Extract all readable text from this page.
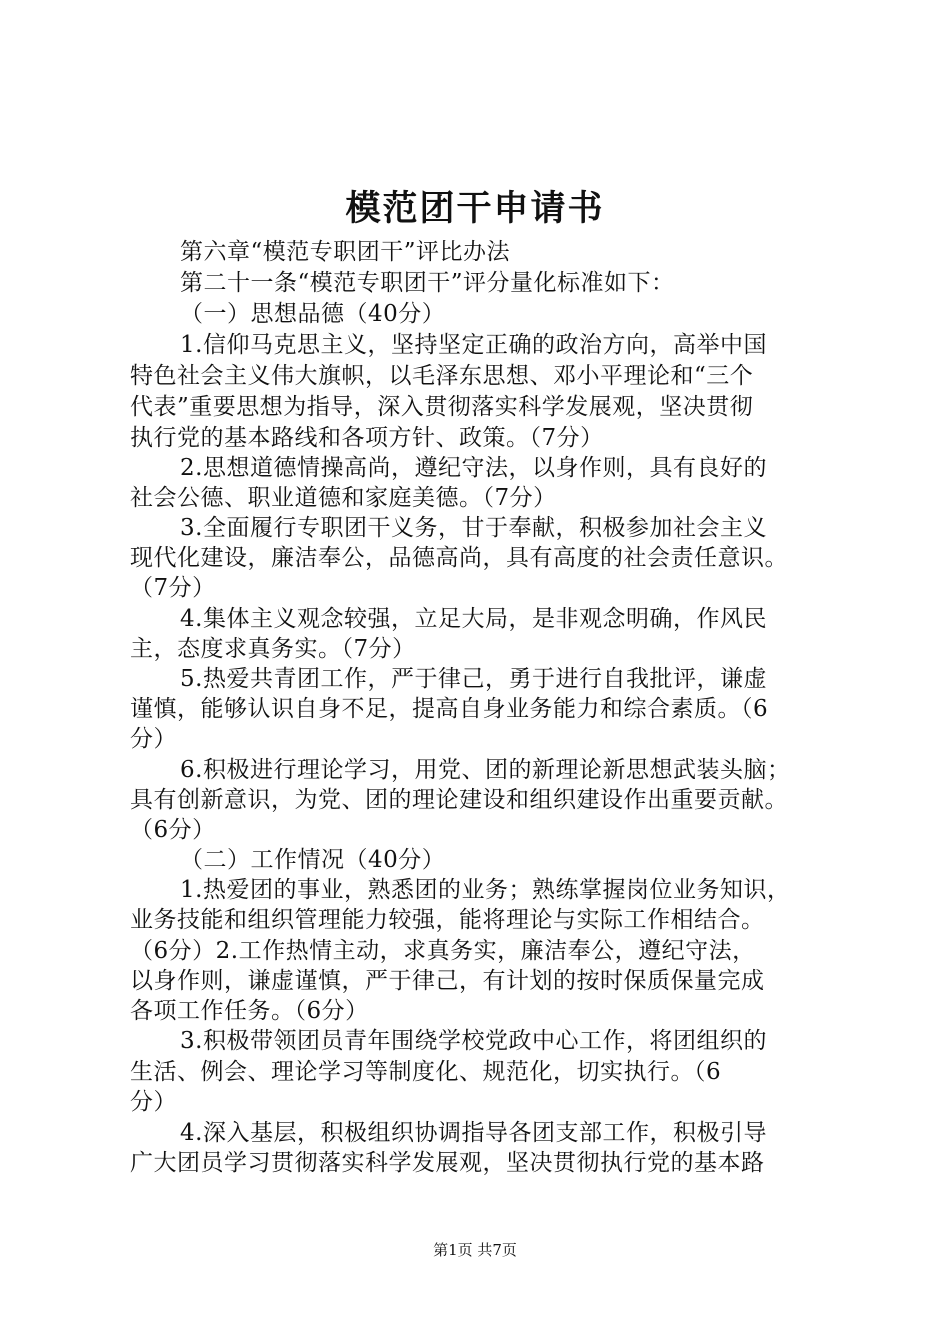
模范团干申请书
第六章“模范专职团干”评比办法
第二十一条“模范专职团干”评分量化标准如下：
（一）思想品德（40分）
1.信仰马克思主义，坚持坚定正确的政治方向，高举中国
特色社会主义伟大旗帜，以毛泽东思想、邓小平理论和“三个
代表”重要思想为指导，深入贯彻落实科学发展观，坚决贯彻
执行党的基本路线和各项方针、政策。（7分）
2.思想道德情操高尚，遵纪守法，以身作则，具有良好的
社会公德、职业道德和家庭美德。（7分）
3.全面履行专职团干义务，甘于奉献，积极参加社会主义
现代化建设，廉洁奉公，品德高尚，具有高度的社会责任意识。
（7分）
4.集体主义观念较强，立足大局，是非观念明确，作风民
主，态度求真务实。（7分）
5.热爱共青团工作，严于律己，勇于进行自我批评，谦虚
谨慎，能够认识自身不足，提高自身业务能力和综合素质。（6
分）
6.积极进行理论学习，用党、团的新理论新思想武装头脑；
具有创新意识，为党、团的理论建设和组织建设作出重要贡献。
（6分）
（二）工作情况（40分）
1.热爱团的事业，熟悉团的业务；熟练掌握岗位业务知识，
业务技能和组织管理能力较强，能将理论与实际工作相结合。
（6分）2.工作热情主动，求真务实，廉洁奉公，遵纪守法，
以身作则，谦虚谨慎，严于律己，有计划的按时保质保量完成
各项工作任务。（6分）
3.积极带领团员青年围绕学校党政中心工作，将团组织的
生活、例会、理论学习等制度化、规范化，切实执行。（6
分）
4.深入基层，积极组织协调指导各团支部工作，积极引导
广大团员学习贯彻落实科学发展观，坚决贯彻执行党的基本路
第1页 共7页
